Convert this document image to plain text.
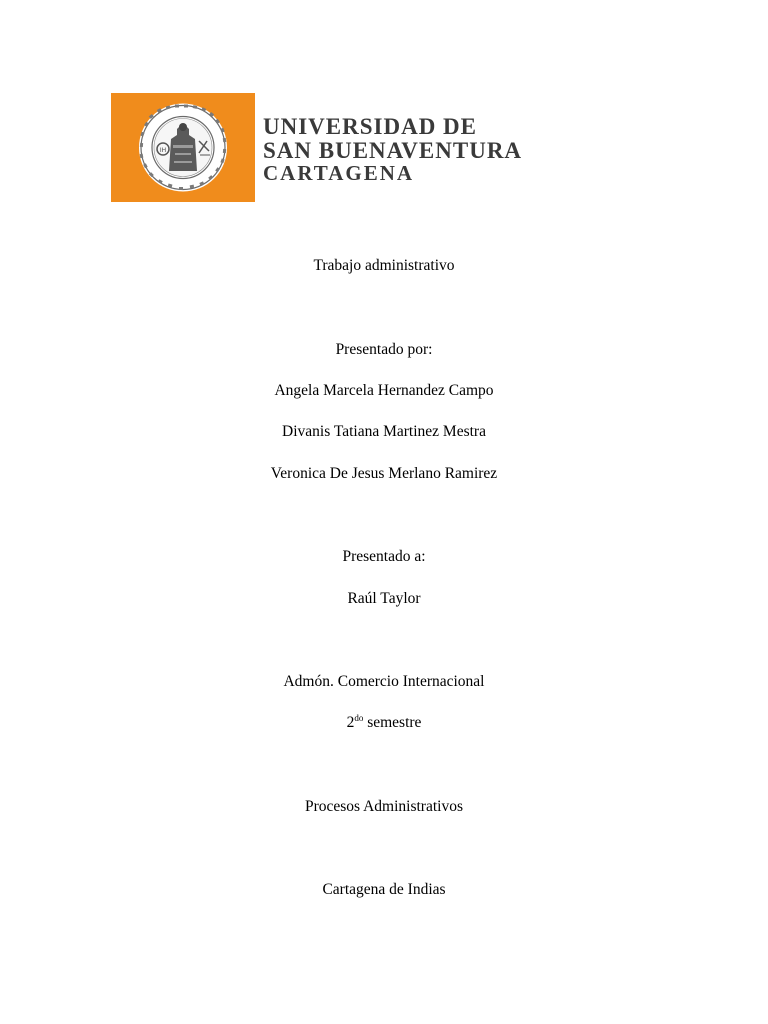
IH
UNIVERSIDAD DE
SAN BUENAVENTURA
CARTAGENA
Trabajo administrativo
Presentado por:
Angela Marcela Hernandez Campo
Divanis Tatiana Martinez Mestra
Veronica De Jesus Merlano Ramirez
Presentado a:
Raúl Taylor
Admón. Comercio Internacional
$2^{do}$ semestre
Procesos Administrativos
Cartagena de Indias
